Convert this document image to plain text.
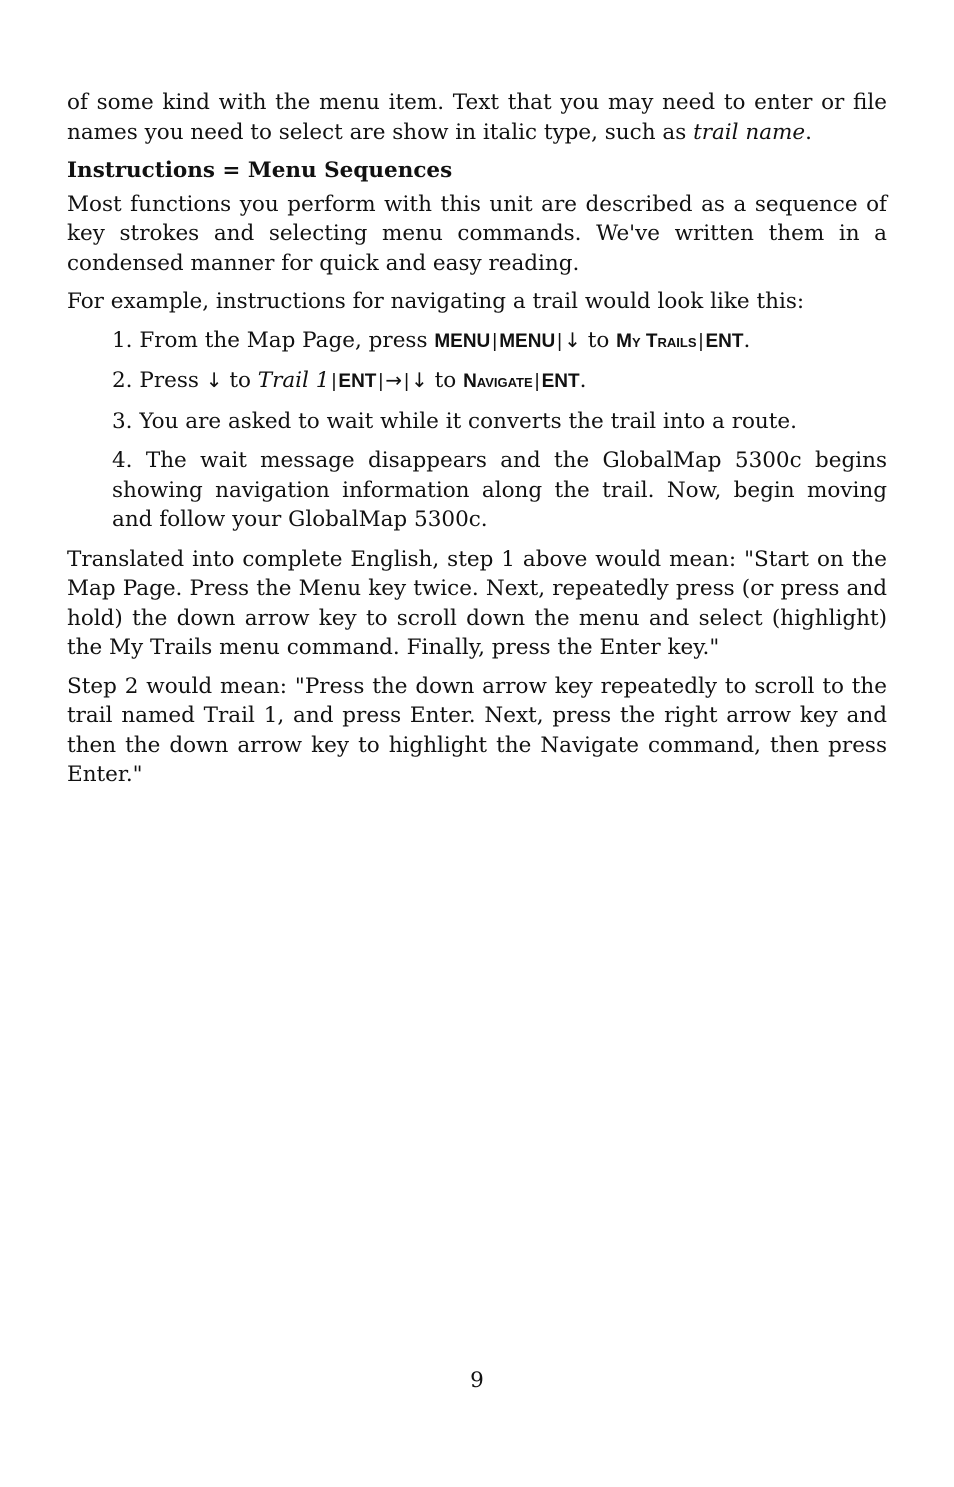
of some kind with the menu item. Text that you may need to enter or file names you need to select are show in italic type, such as trail name.

Instructions = Menu Sequences

Most functions you perform with this unit are described as a sequence of key strokes and selecting menu commands. We've written them in a condensed manner for quick and easy reading.

For example, instructions for navigating a trail would look like this:

1. From the Map Page, press MENU | MENU | ↓ to My Trails | ENT.
2. Press ↓ to Trail 1 | ENT | → | ↓ to Navigate | ENT.
3. You are asked to wait while it converts the trail into a route.
4. The wait message disappears and the GlobalMap 5300c begins showing navigation information along the trail. Now, begin moving and follow your GlobalMap 5300c.

Translated into complete English, step 1 above would mean: "Start on the Map Page. Press the Menu key twice. Next, repeatedly press (or press and hold) the down arrow key to scroll down the menu and select (highlight) the My Trails menu command. Finally, press the Enter key."

Step 2 would mean: "Press the down arrow key repeatedly to scroll to the trail named Trail 1, and press Enter. Next, press the right arrow key and then the down arrow key to highlight the Navigate command, then press Enter."

9
